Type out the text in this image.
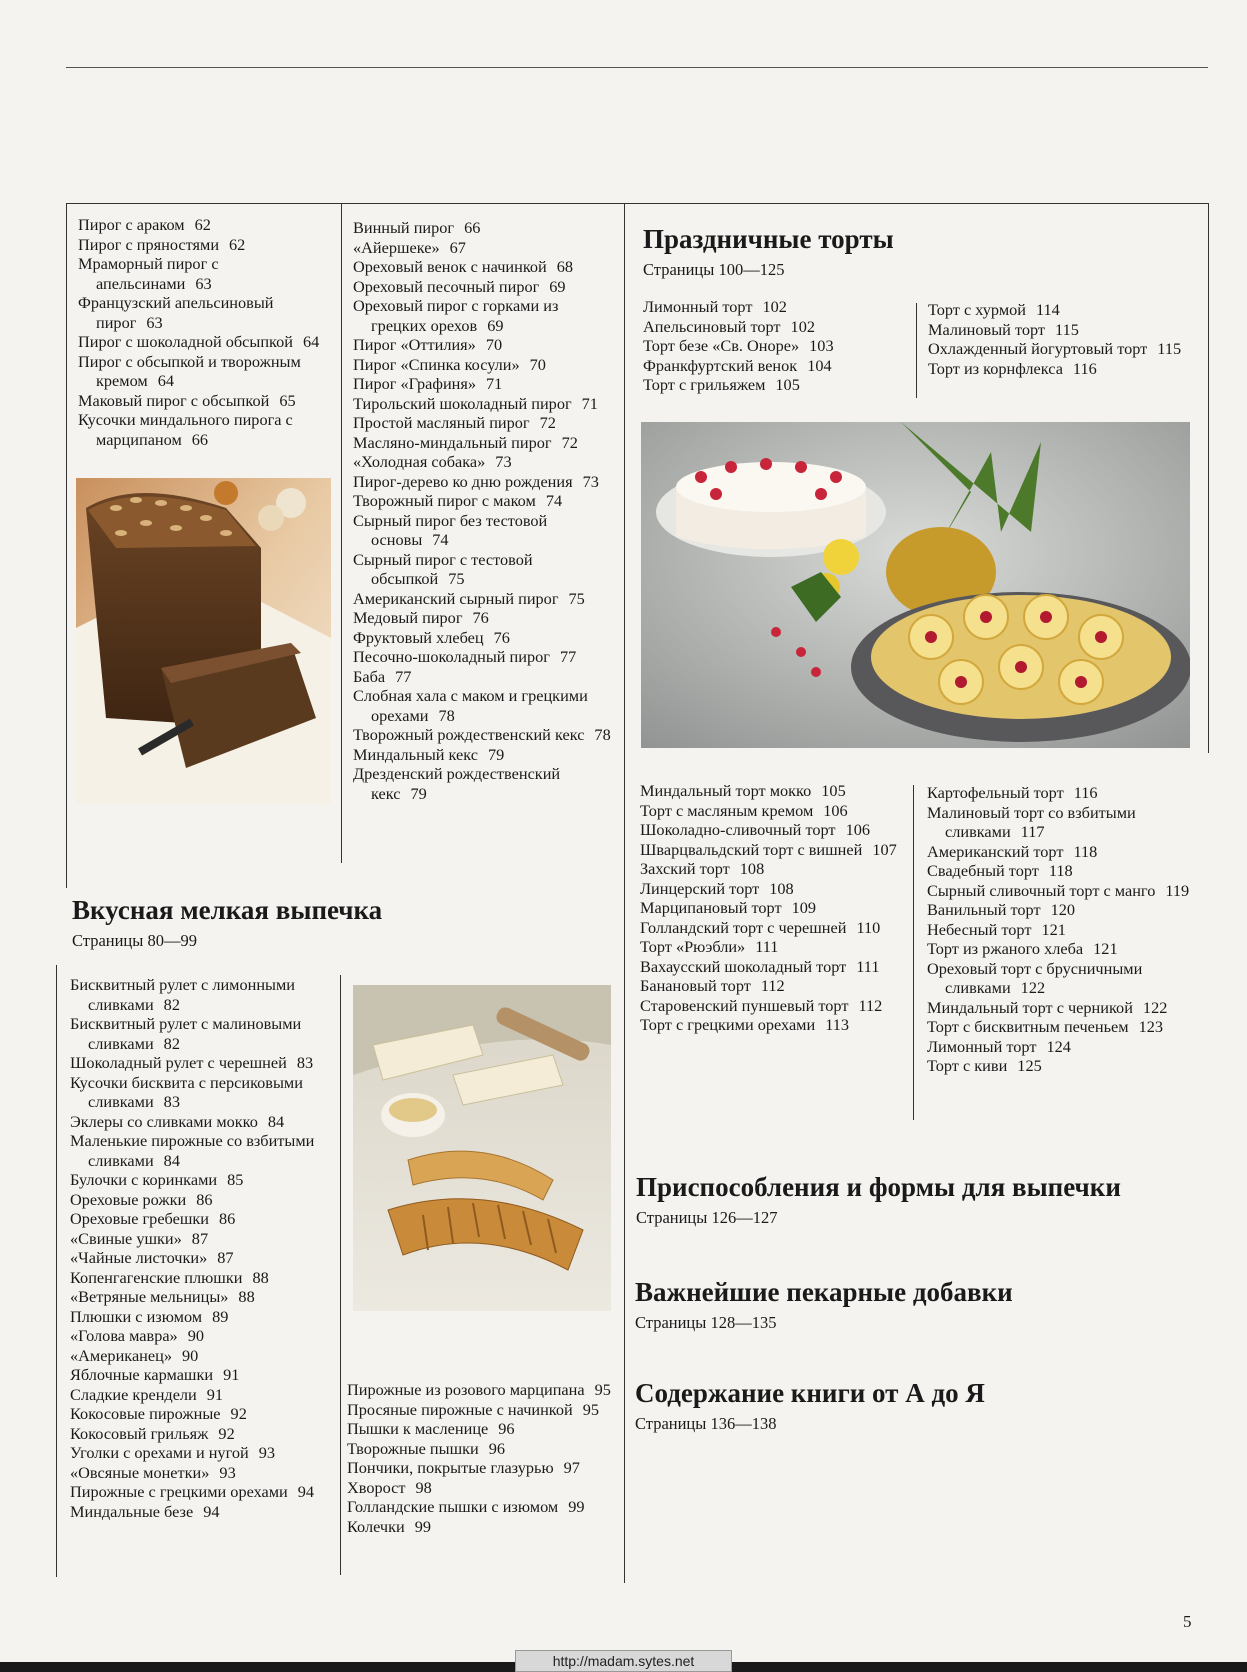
Пирог с араком 62
Пирог с пряностями 62
Мраморный пирог с апельсинами 63
Французский апельсиновый пирог 63
Пирог с шоколадной обсыпкой 64
Пирог с обсыпкой и творожным кремом 64
Маковый пирог с обсыпкой 65
Кусочки миндального пирога с марципаном 66
Винный пирог 66
«Айершеке» 67
Ореховый венок с начинкой 68
Ореховый песочный пирог 69
Ореховый пирог с горками из грецких орехов 69
Пирог «Оттилия» 70
Пирог «Спинка косули» 70
Пирог «Графиня» 71
Тирольский шоколадный пирог 71
Простой масляный пирог 72
Масляно-миндальный пирог 72
«Холодная собака» 73
Пирог-дерево ко дню рождения 73
Творожный пирог с маком 74
Сырный пирог без тестовой основы 74
Сырный пирог с тестовой обсыпкой 75
Американский сырный пирог 75
Медовый пирог 76
Фруктовый хлебец 76
Песочно-шоколадный пирог 77
Баба 77
Слобная хала с маком и грецкими орехами 78
Творожный рождественский кекс 78
Миндальный кекс 79
Дрезденский рождественский кекс 79
Вкусная мелкая выпечка
Страницы 80—99
Бисквитный рулет с лимонными сливками 82
Бисквитный рулет с малиновыми сливками 82
Шоколадный рулет с черешней 83
Кусочки бисквита с персиковыми сливками 83
Эклеры со сливками мокко 84
Маленькие пирожные со взбитыми сливками 84
Булочки с коринками 85
Ореховые рожки 86
Ореховые гребешки 86
«Свиные ушки» 87
«Чайные листочки» 87
Копенгагенские плюшки 88
«Ветряные мельницы» 88
Плюшки с изюмом 89
«Голова мавра» 90
«Американец» 90
Яблочные кармашки 91
Сладкие крендели 91
Кокосовые пирожные 92
Кокосовый грильяж 92
Уголки с орехами и нугой 93
«Овсяные монетки» 93
Пирожные с грецкими орехами 94
Миндальные безе 94
Пирожные из розового марципана 95
Просяные пирожные с начинкой 95
Пышки к масленице 96
Творожные пышки 96
Пончики, покрытые глазурью 97
Хворост 98
Голландские пышки с изюмом 99
Колечки 99
Праздничные торты
Страницы 100—125
Лимонный торт 102
Апельсиновый торт 102
Торт безе «Св. Оноре» 103
Франкфуртский венок 104
Торт с грильяжем 105
Торт с хурмой 114
Малиновый торт 115
Охлажденный йогуртовый торт 115
Торт из корнфлекса 116
Миндальный торт мокко 105
Торт с масляным кремом 106
Шоколадно-сливочный торт 106
Шварцвальдский торт с вишней 107
Захский торт 108
Линцерский торт 108
Марципановый торт 109
Голландский торт с черешней 110
Торт «Рюэбли» 111
Вахаусский шоколадный торт 111
Банановый торт 112
Старовенский пуншевый торт 112
Торт с грецкими орехами 113
Картофельный торт 116
Малиновый торт со взбитыми сливками 117
Американский торт 118
Свадебный торт 118
Сырный сливочный торт с манго 119
Ванильный торт 120
Небесный торт 121
Торт из ржаного хлеба 121
Ореховый торт с брусничными сливками 122
Миндальный торт с черникой 122
Торт с бисквитным печеньем 123
Лимонный торт 124
Торт с киви 125
Приспособления и формы для выпечки
Страницы 126—127
Важнейшие пекарные добавки
Страницы 128—135
Содержание книги от А до Я
Страницы 136—138
5
http://madam.sytes.net
